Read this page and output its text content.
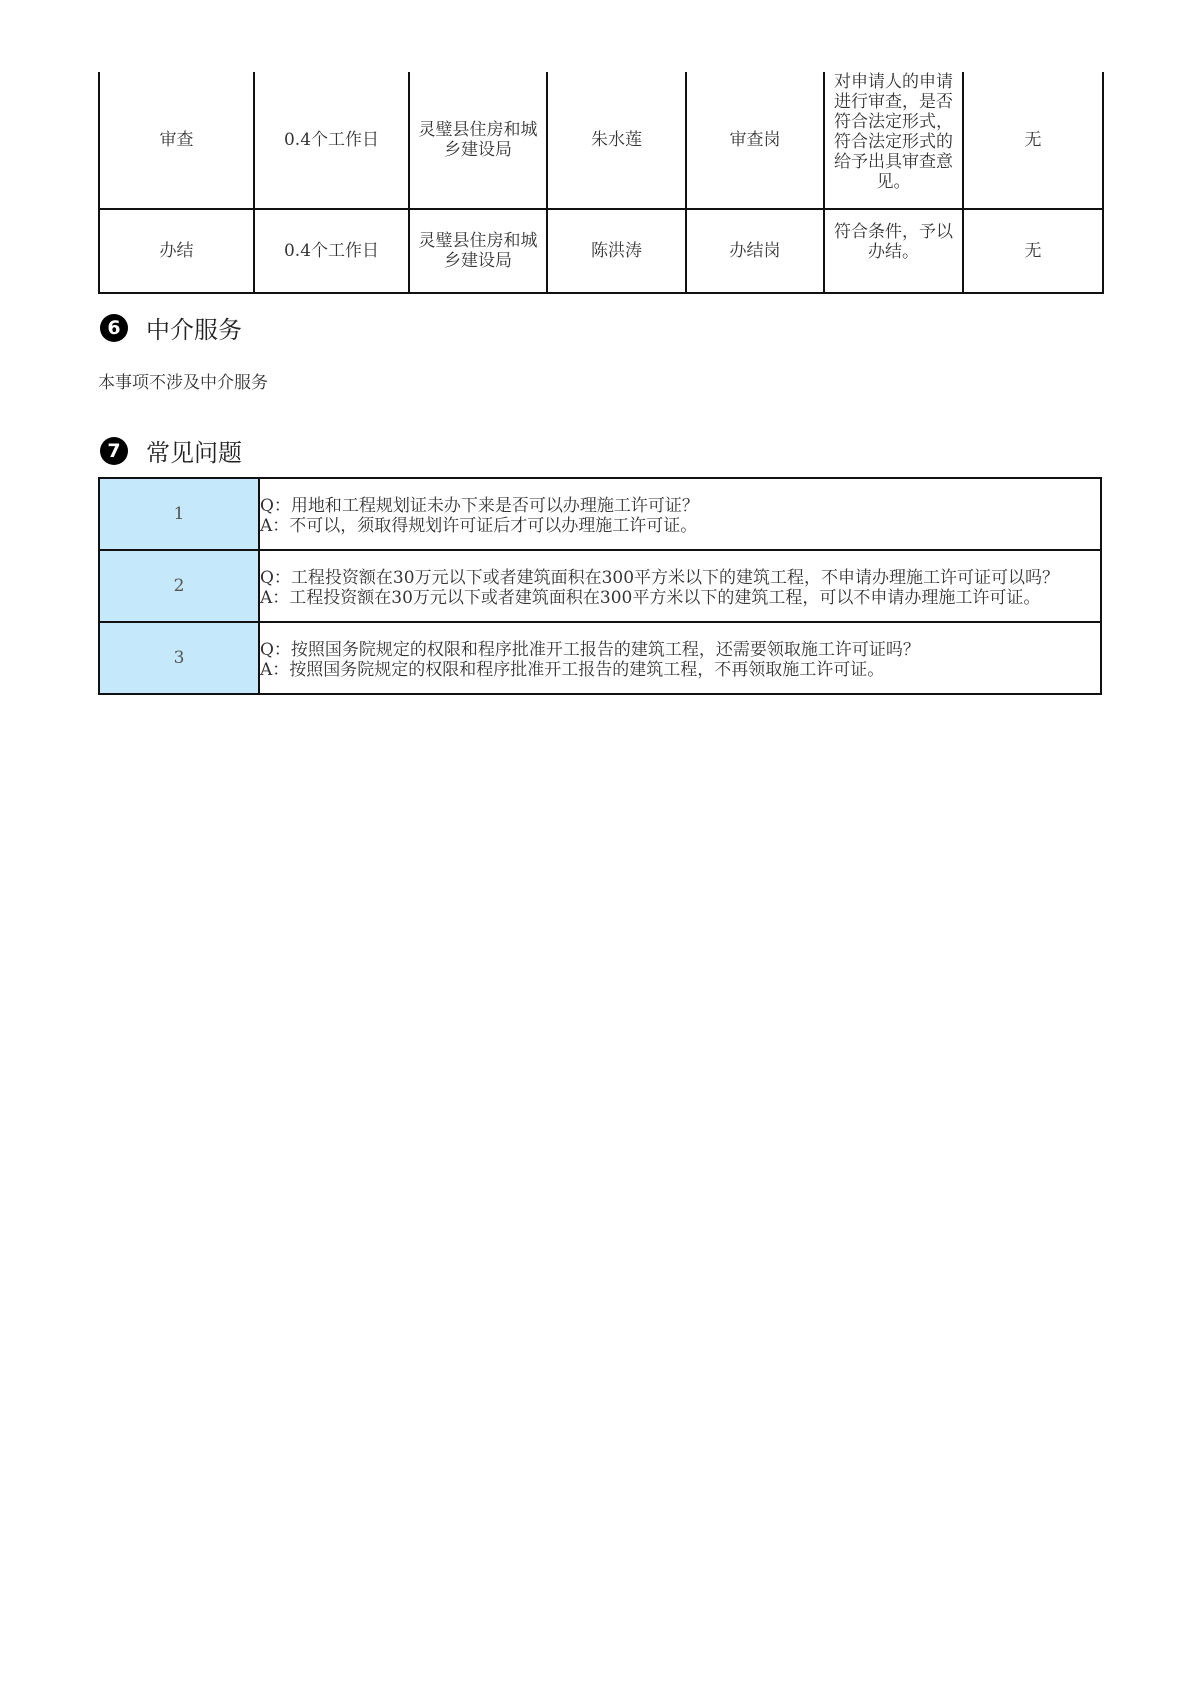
审查	0.4个工作日	灵璧县住房和城乡建设局	朱水莲	审查岗	对申请人的申请进行审查，是否符合法定形式，符合法定形式的给予出具审查意见。	无
办结	0.4个工作日	灵璧县住房和城乡建设局	陈洪涛	办结岗	符合条件，予以办结。	无
6	中介服务
本事项不涉及中介服务
7	常见问题
1	Q：用地和工程规划证未办下来是否可以办理施工许可证？
A：不可以，须取得规划许可证后才可以办理施工许可证。

2	Q：工程投资额在30万元以下或者建筑面积在300平方米以下的建筑工程，不申请办理施工许可证可以吗？
A：工程投资额在30万元以下或者建筑面积在300平方米以下的建筑工程，可以不申请办理施工许可证。

3	Q：按照国务院规定的权限和程序批准开工报告的建筑工程，还需要领取施工许可证吗？
A：按照国务院规定的权限和程序批准开工报告的建筑工程，不再领取施工许可证。
